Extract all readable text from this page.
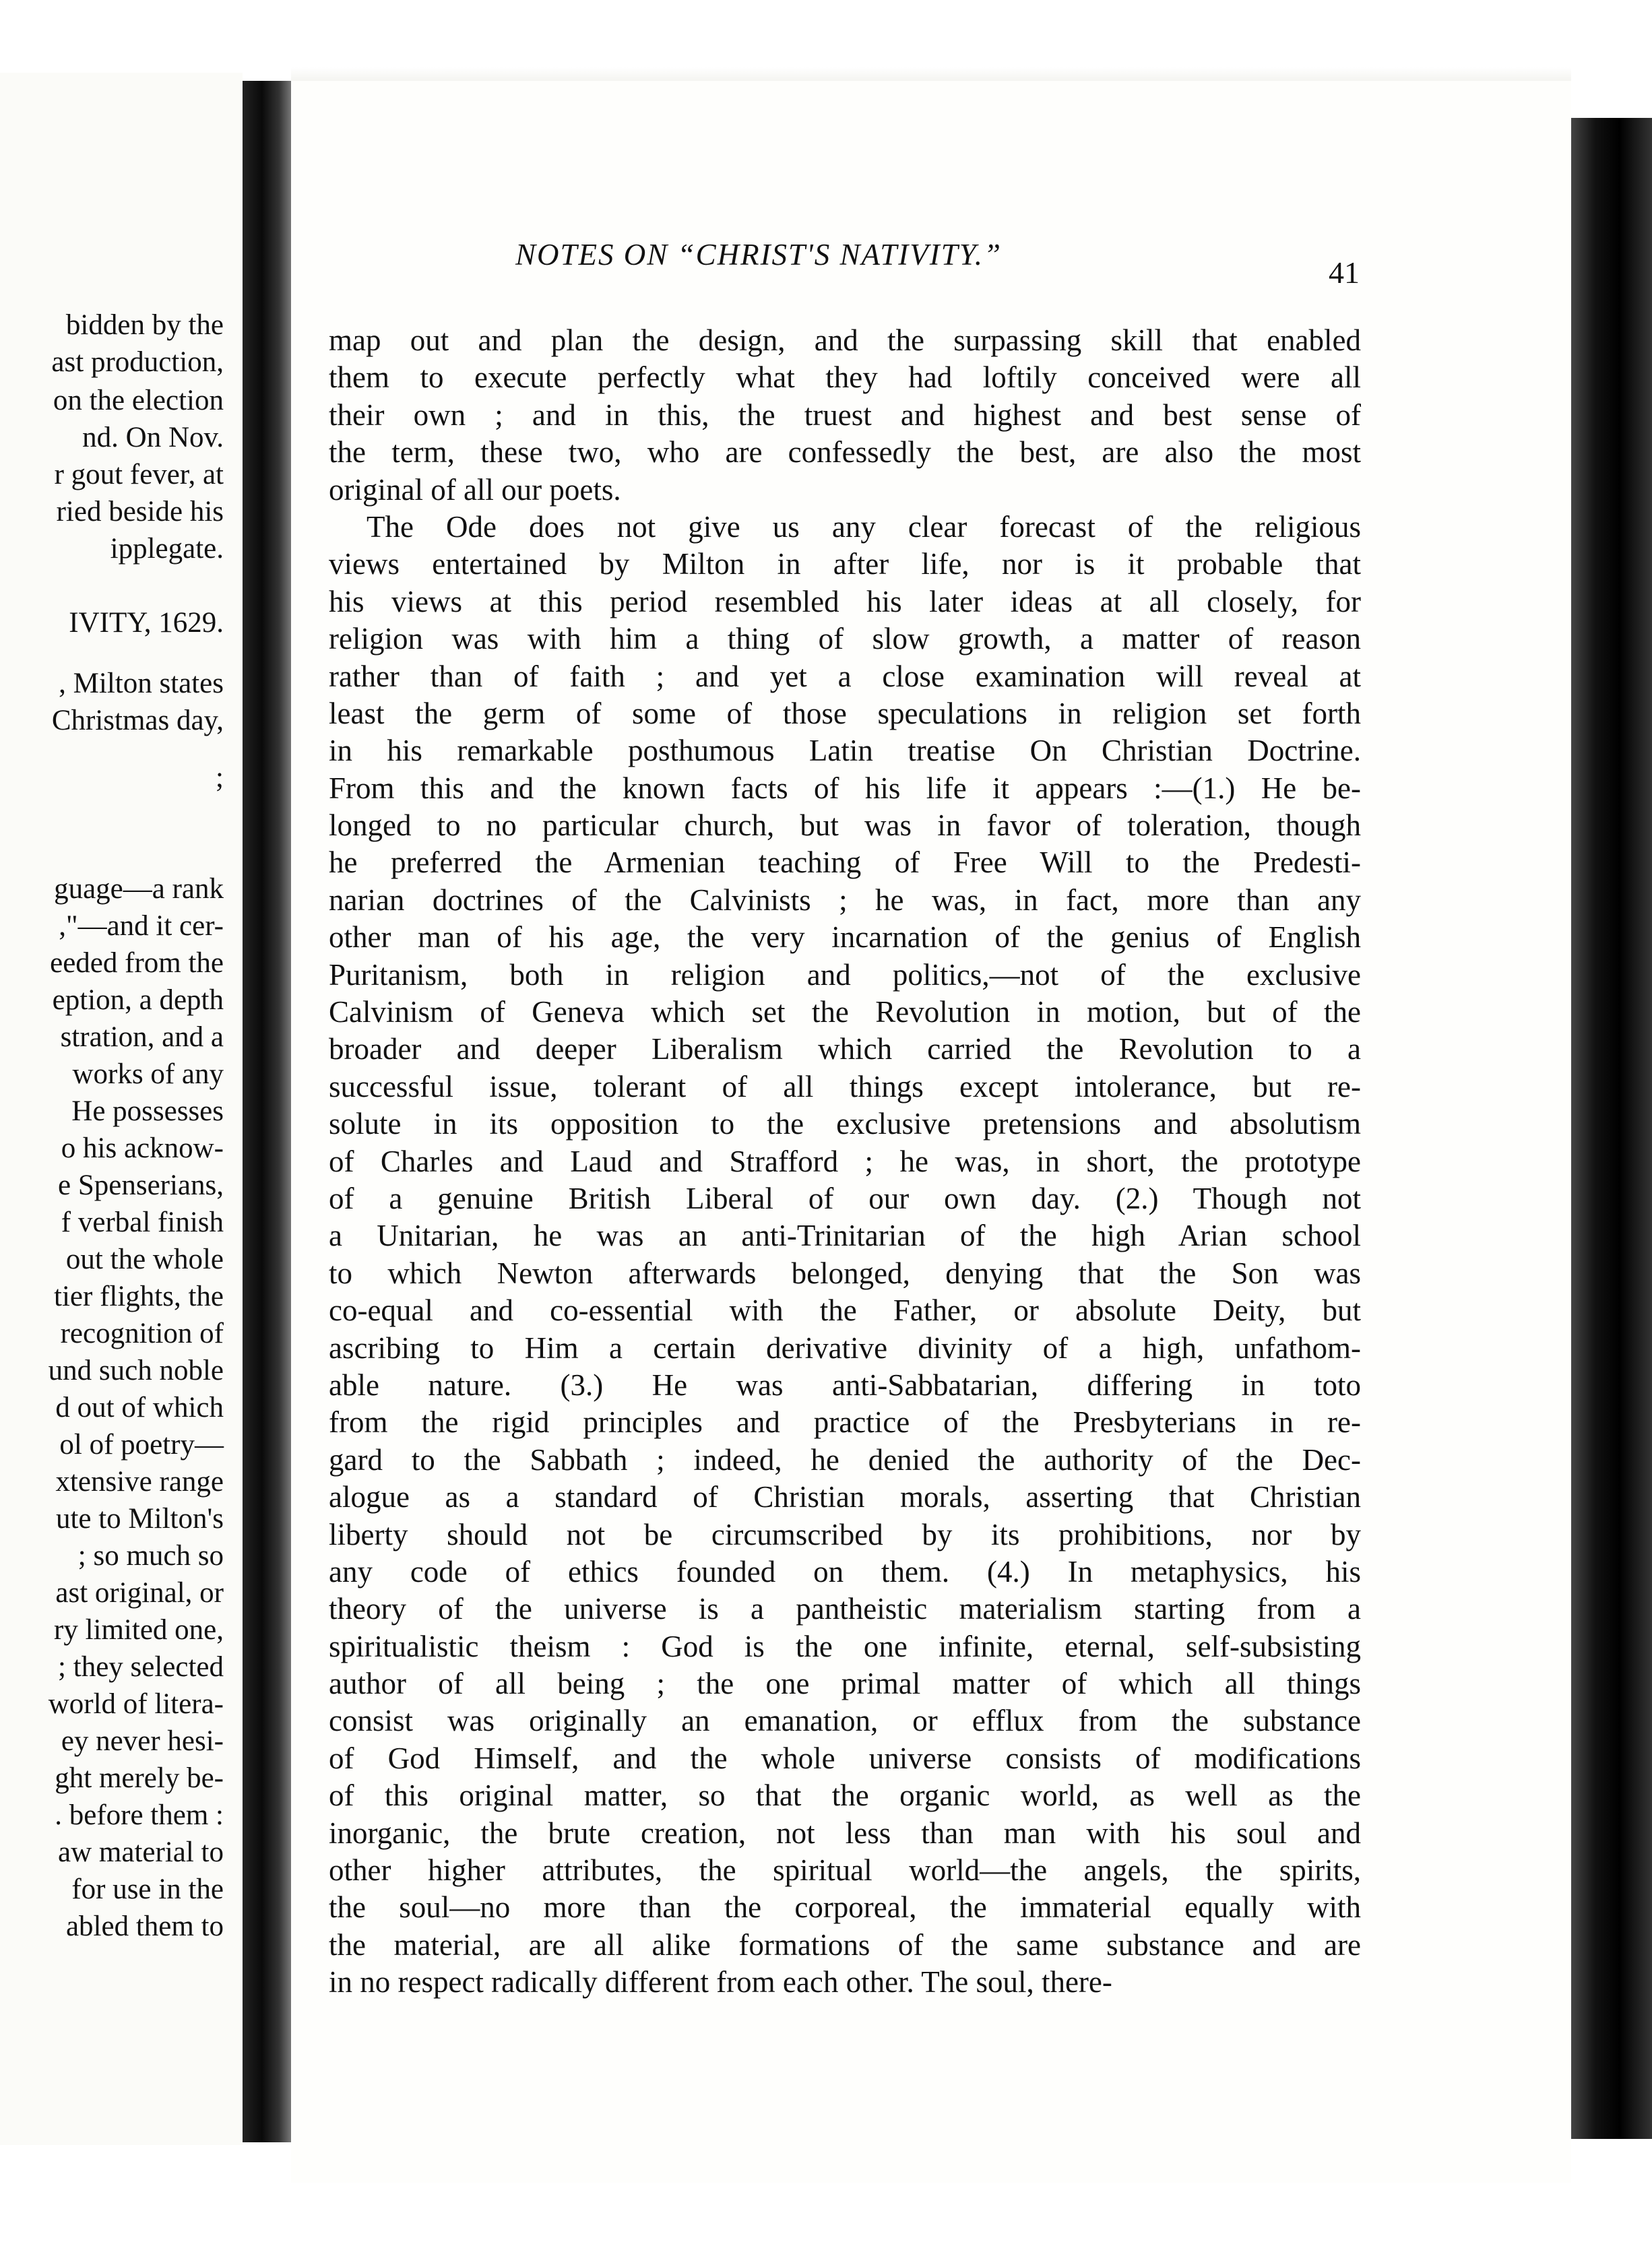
bidden by the
ast production,
on the election
nd. On Nov.
r gout fever, at
ried beside his
ipplegate.
IVITY, 1629.
, Milton states
Christmas day,
;
guage—a rank
,"—and it cer-
eeded from the
eption, a depth
stration, and a
works of any
He possesses
o his acknow-
e Spenserians,
f verbal finish
out the whole
tier flights, the
recognition of
und such noble
d out of which
ol of poetry—
xtensive range
ute to Milton's
; so much so
ast original, or
ry limited one,
; they selected
world of litera-
ey never hesi-
ght merely be-
. before them :
aw material to
for use in the
abled them to
NOTES ON “CHRIST'S NATIVITY.”
41
map out and plan the design, and the surpassing skill that enabled
them to execute perfectly what they had loftily conceived were all
their own ; and in this, the truest and highest and best sense of
the term, these two, who are confessedly the best, are also the most
original of all our poets.
The Ode does not give us any clear forecast of the religious
views entertained by Milton in after life, nor is it probable that
his views at this period resembled his later ideas at all closely, for
religion was with him a thing of slow growth, a matter of reason
rather than of faith ; and yet a close examination will reveal at
least the germ of some of those speculations in religion set forth
in his remarkable posthumous Latin treatise On Christian Doctrine.
From this and the known facts of his life it appears :—(1.) He be-
longed to no particular church, but was in favor of toleration, though
he preferred the Armenian teaching of Free Will to the Predesti-
narian doctrines of the Calvinists ; he was, in fact, more than any
other man of his age, the very incarnation of the genius of English
Puritanism, both in religion and politics,—not of the exclusive
Calvinism of Geneva which set the Revolution in motion, but of the
broader and deeper Liberalism which carried the Revolution to a
successful issue, tolerant of all things except intolerance, but re-
solute in its opposition to the exclusive pretensions and absolutism
of Charles and Laud and Strafford ; he was, in short, the prototype
of a genuine British Liberal of our own day. (2.) Though not
a Unitarian, he was an anti-Trinitarian of the high Arian school
to which Newton afterwards belonged, denying that the Son was
co-equal and co-essential with the Father, or absolute Deity, but
ascribing to Him a certain derivative divinity of a high, unfathom-
able nature. (3.) He was anti-Sabbatarian, differing in toto
from the rigid principles and practice of the Presbyterians in re-
gard to the Sabbath ; indeed, he denied the authority of the Dec-
alogue as a standard of Christian morals, asserting that Christian
liberty should not be circumscribed by its prohibitions, nor by
any code of ethics founded on them. (4.) In metaphysics, his
theory of the universe is a pantheistic materialism starting from a
spiritualistic theism : God is the one infinite, eternal, self-subsisting
author of all being ; the one primal matter of which all things
consist was originally an emanation, or efflux from the substance
of God Himself, and the whole universe consists of modifications
of this original matter, so that the organic world, as well as the
inorganic, the brute creation, not less than man with his soul and
other higher attributes, the spiritual world—the angels, the spirits,
the soul—no more than the corporeal, the immaterial equally with
the material, are all alike formations of the same substance and are
in no respect radically different from each other. The soul, there-
